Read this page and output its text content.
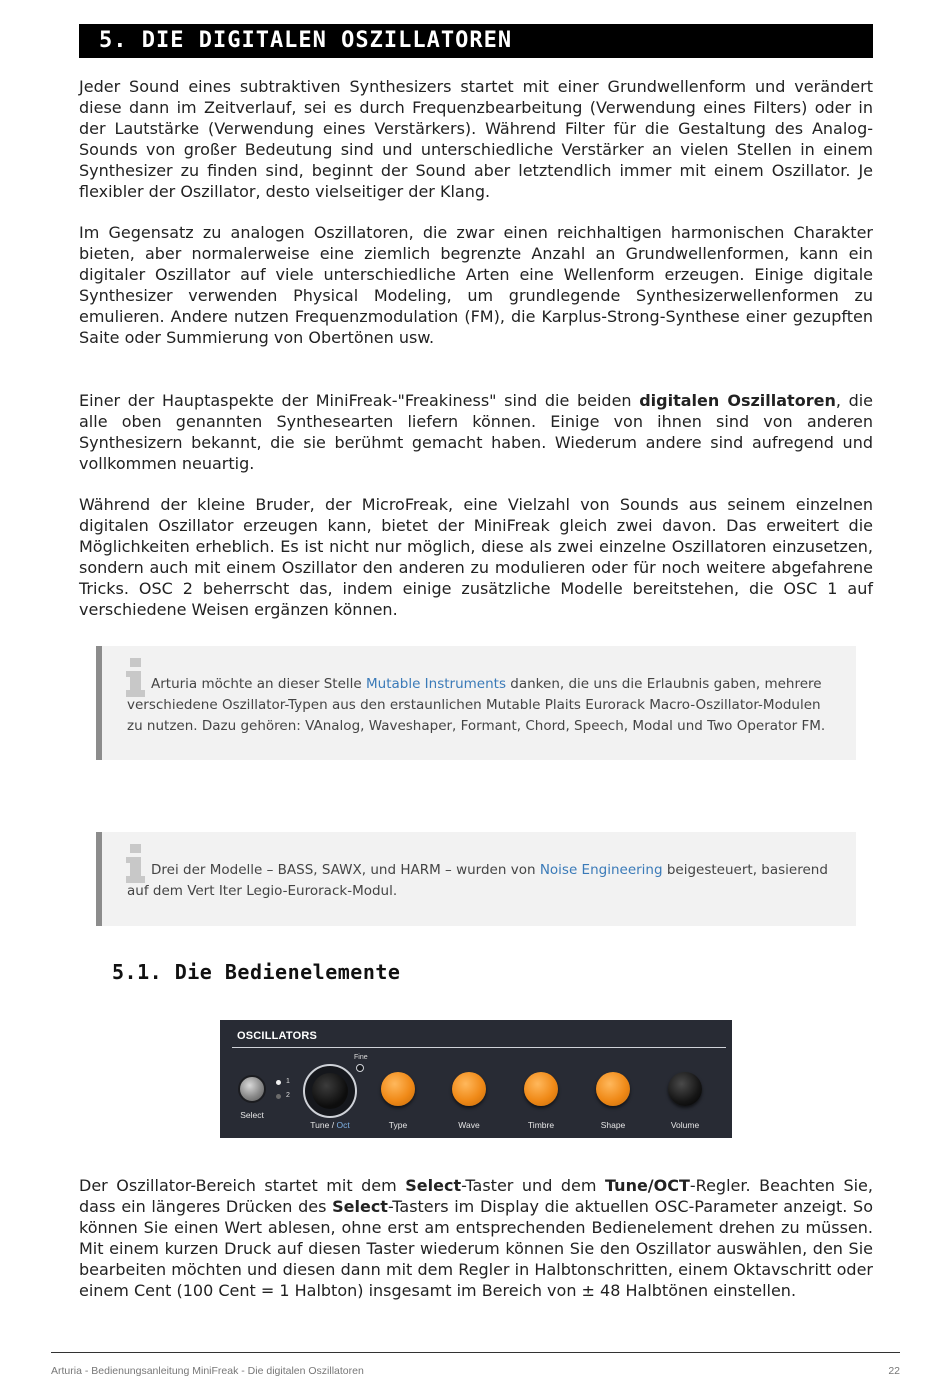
5. DIE DIGITALEN OSZILLATOREN

Jeder Sound eines subtraktiven Synthesizers startet mit einer Grundwellenform und verändert diese dann im Zeitverlauf, sei es durch Frequenzbearbeitung (Verwendung eines Filters) oder in der Lautstärke (Verwendung eines Verstärkers). Während Filter für die Gestaltung des Analog-Sounds von großer Bedeutung sind und unterschiedliche Verstärker an vielen Stellen in einem Synthesizer zu finden sind, beginnt der Sound aber letztendlich immer mit einem Oszillator. Je flexibler der Oszillator, desto vielseitiger der Klang.

Im Gegensatz zu analogen Oszillatoren, die zwar einen reichhaltigen harmonischen Charakter bieten, aber normalerweise eine ziemlich begrenzte Anzahl an Grundwellenformen, kann ein digitaler Oszillator auf viele unterschiedliche Arten eine Wellenform erzeugen. Einige digitale Synthesizer verwenden Physical Modeling, um grundlegende Synthesizerwellenformen zu emulieren. Andere nutzen Frequenzmodulation (FM), die Karplus-Strong-Synthese einer gezupften Saite oder Summierung von Obertönen usw.

Einer der Hauptaspekte der MiniFreak-"Freakiness" sind die beiden digitalen Oszillatoren, die alle oben genannten Synthesearten liefern können. Einige von ihnen sind von anderen Synthesizern bekannt, die sie berühmt gemacht haben. Wiederum andere sind aufregend und vollkommen neuartig.

Während der kleine Bruder, der MicroFreak, eine Vielzahl von Sounds aus seinem einzelnen digitalen Oszillator erzeugen kann, bietet der MiniFreak gleich zwei davon. Das erweitert die Möglichkeiten erheblich. Es ist nicht nur möglich, diese als zwei einzelne Oszillatoren einzusetzen, sondern auch mit einem Oszillator den anderen zu modulieren oder für noch weitere abgefahrene Tricks. OSC 2 beherrscht das, indem einige zusätzliche Modelle bereitstehen, die OSC 1 auf verschiedene Weisen ergänzen können.

Arturia möchte an dieser Stelle Mutable Instruments danken, die uns die Erlaubnis gaben, mehrere verschiedene Oszillator-Typen aus den erstaunlichen Mutable Plaits Eurorack Macro-Oszillator-Modulen zu nutzen. Dazu gehören: VAnalog, Waveshaper, Formant, Chord, Speech, Modal und Two Operator FM.

Drei der Modelle – BASS, SAWX, und HARM – wurden von Noise Engineering beigesteuert, basierend auf dem Vert Iter Legio-Eurorack-Modul.

5.1. Die Bedienelemente
OSCILLATORS
1
2
Select
Fine
Tune / Oct	Type	Wave	Timbre	Shape	Volume

Der Oszillator-Bereich startet mit dem Select-Taster und dem Tune/OCT-Regler. Beachten Sie, dass ein längeres Drücken des Select-Tasters im Display die aktuellen OSC-Parameter anzeigt. So können Sie einen Wert ablesen, ohne erst am entsprechenden Bedienelement drehen zu müssen. Mit einem kurzen Druck auf diesen Taster wiederum können Sie den Oszillator auswählen, den Sie bearbeiten möchten und diesen dann mit dem Regler in Halbtonschritten, einem Oktavschritt oder einem Cent (100 Cent = 1 Halbton) insgesamt im Bereich von ± 48 Halbtönen einstellen.

Arturia - Bedienungsanleitung MiniFreak - Die digitalen Oszillatoren	22
